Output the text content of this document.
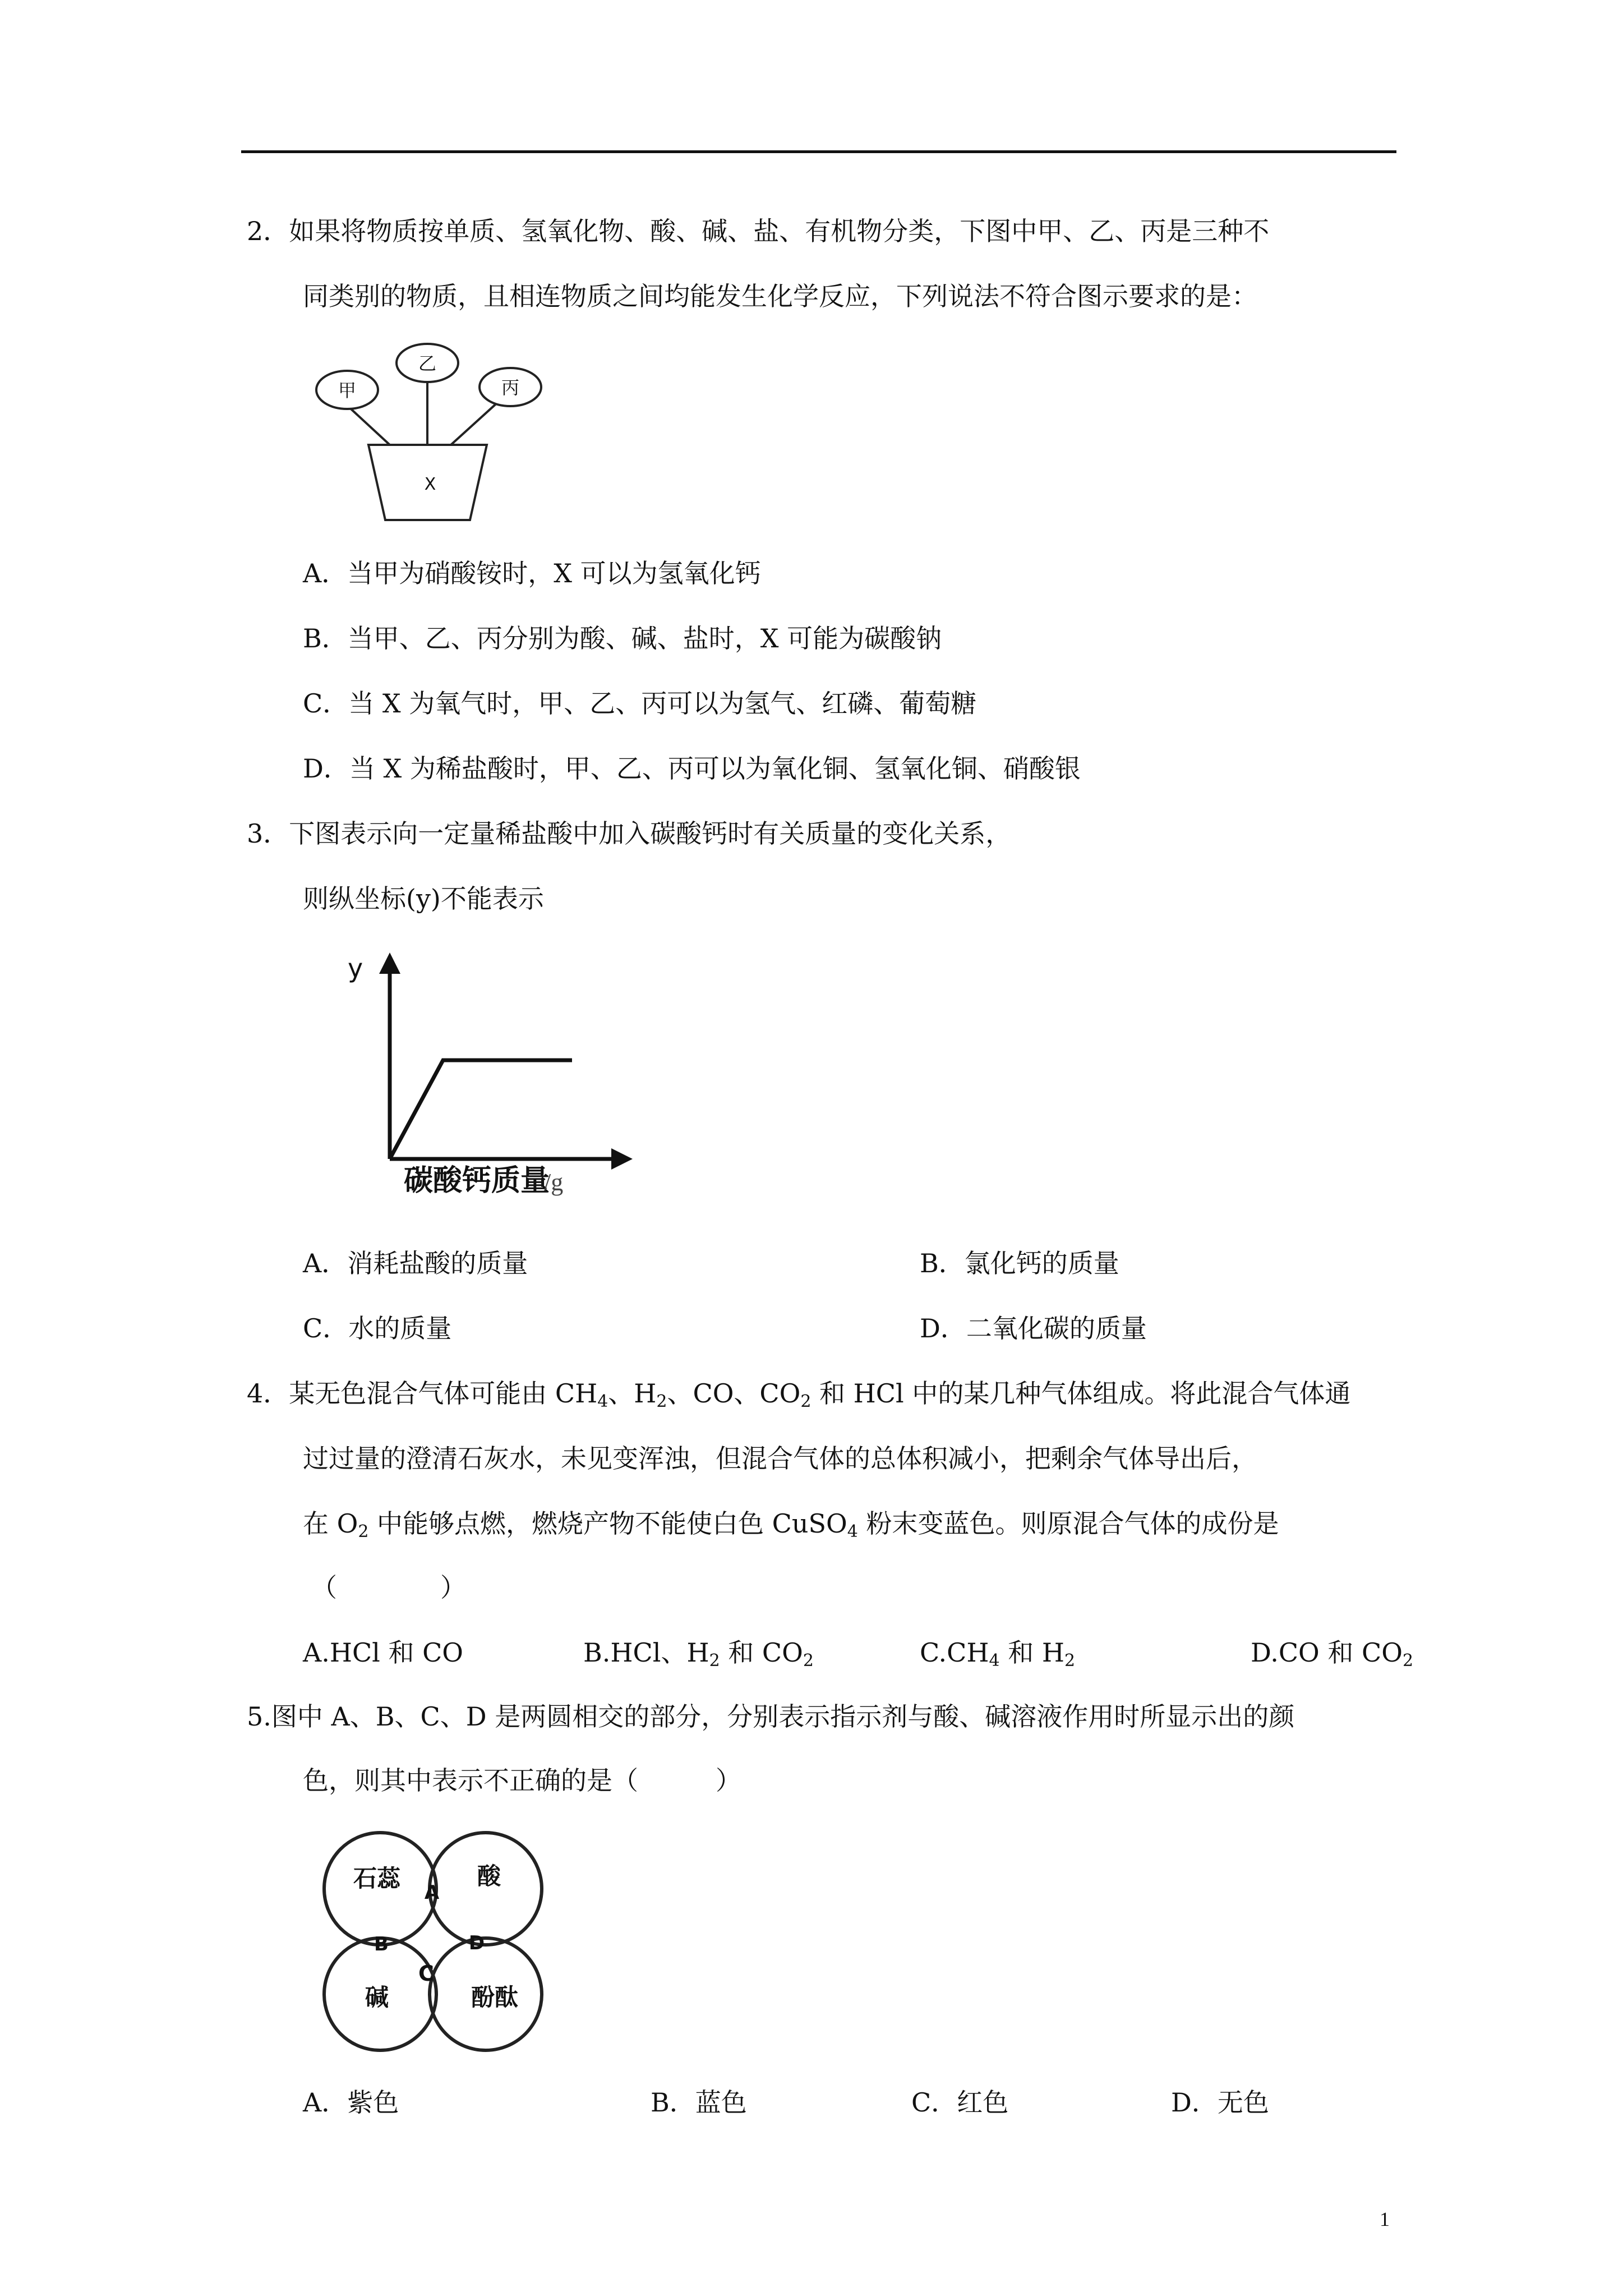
2．如果将物质按单质、氢氧化物、酸、碱、盐、有机物分类，下图中甲、乙、丙是三种不
同类别的物质，且相连物质之间均能发生化学反应，下列说法不符合图示要求的是：
甲
乙
丙
X
A．当甲为硝酸铵时，X 可以为氢氧化钙
B．当甲、乙、丙分别为酸、碱、盐时，X 可能为碳酸钠
C．当 X 为氧气时，甲、乙、丙可以为氢气、红磷、葡萄糖
D．当 X 为稀盐酸时，甲、乙、丙可以为氧化铜、氢氧化铜、硝酸银
3．下图表示向一定量稀盐酸中加入碳酸钙时有关质量的变化关系，
则纵坐标(y)不能表示
y
碳酸钙质量
/g
A．消耗盐酸的质量	B．氯化钙的质量
C．水的质量	D．二氧化碳的质量
4．某无色混合气体可能由 $CH_4$、$H_2$、CO、$CO_2$ 和 HCl 中的某几种气体组成。将此混合气体通
过过量的澄清石灰水，未见变浑浊，但混合气体的总体积减小，把剩余气体导出后，
在 $O_2$ 中能够点燃，燃烧产物不能使白色 CuSO$_4$ 粉末变蓝色。则原混合气体的成份是
（　　　　）
A.HCl 和 CO	B.HCl、$H_2$ 和 $CO_2$	$C.CH_4$ 和 $H_2$	D.CO 和 $CO_2$
5.图中 A、B、C、D 是两圆相交的部分，分别表示指示剂与酸、碱溶液作用时所显示出的颜
色，则其中表示不正确的是（　　　）
石蕊	酸
碱	酚酞
A
B
C
D
A．紫色	B．蓝色	C．红色	D．无色
1
